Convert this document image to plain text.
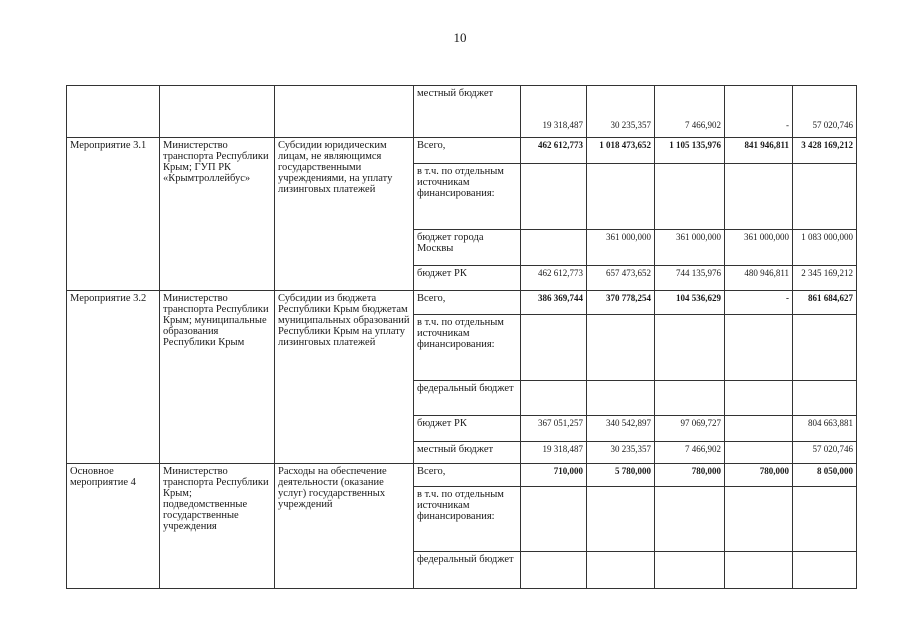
10
			местный бюджет	19 318,487	30 235,357	7 466,902	-	57 020,746
Мероприятие 3.1	Министерство транспорта Республики Крым; ГУП РК «Крымтроллейбус»	Субсидии юридическим лицам, не являющимся государственными учреждениями, на уплату лизинговых платежей	Всего,	462 612,773	1 018 473,652	1 105 135,976	841 946,811	3 428 169,212
			в т.ч. по отдельным источникам финансирования:					
			бюджет города Москвы		361 000,000	361 000,000	361 000,000	1 083 000,000
			бюджет РК	462 612,773	657 473,652	744 135,976	480 946,811	2 345 169,212
Мероприятие 3.2	Министерство транспорта Республики Крым; муниципальные образования Республики Крым	Субсидии из бюджета Республики Крым бюджетам муниципальных образований Республики Крым на уплату лизинговых платежей	Всего,	386 369,744	370 778,254	104 536,629	-	861 684,627
			в т.ч. по отдельным источникам финансирования:					
			федеральный бюджет					
			бюджет РК	367 051,257	340 542,897	97 069,727		804 663,881
			местный бюджет	19 318,487	30 235,357	7 466,902		57 020,746
Основное мероприятие 4	Министерство транспорта Республики Крым; подведомственные государственные учреждения	Расходы на обеспечение деятельности (оказание услуг) государственных учреждений	Всего,	710,000	5 780,000	780,000	780,000	8 050,000
			в т.ч. по отдельным источникам финансирования:					
			федеральный бюджет					
